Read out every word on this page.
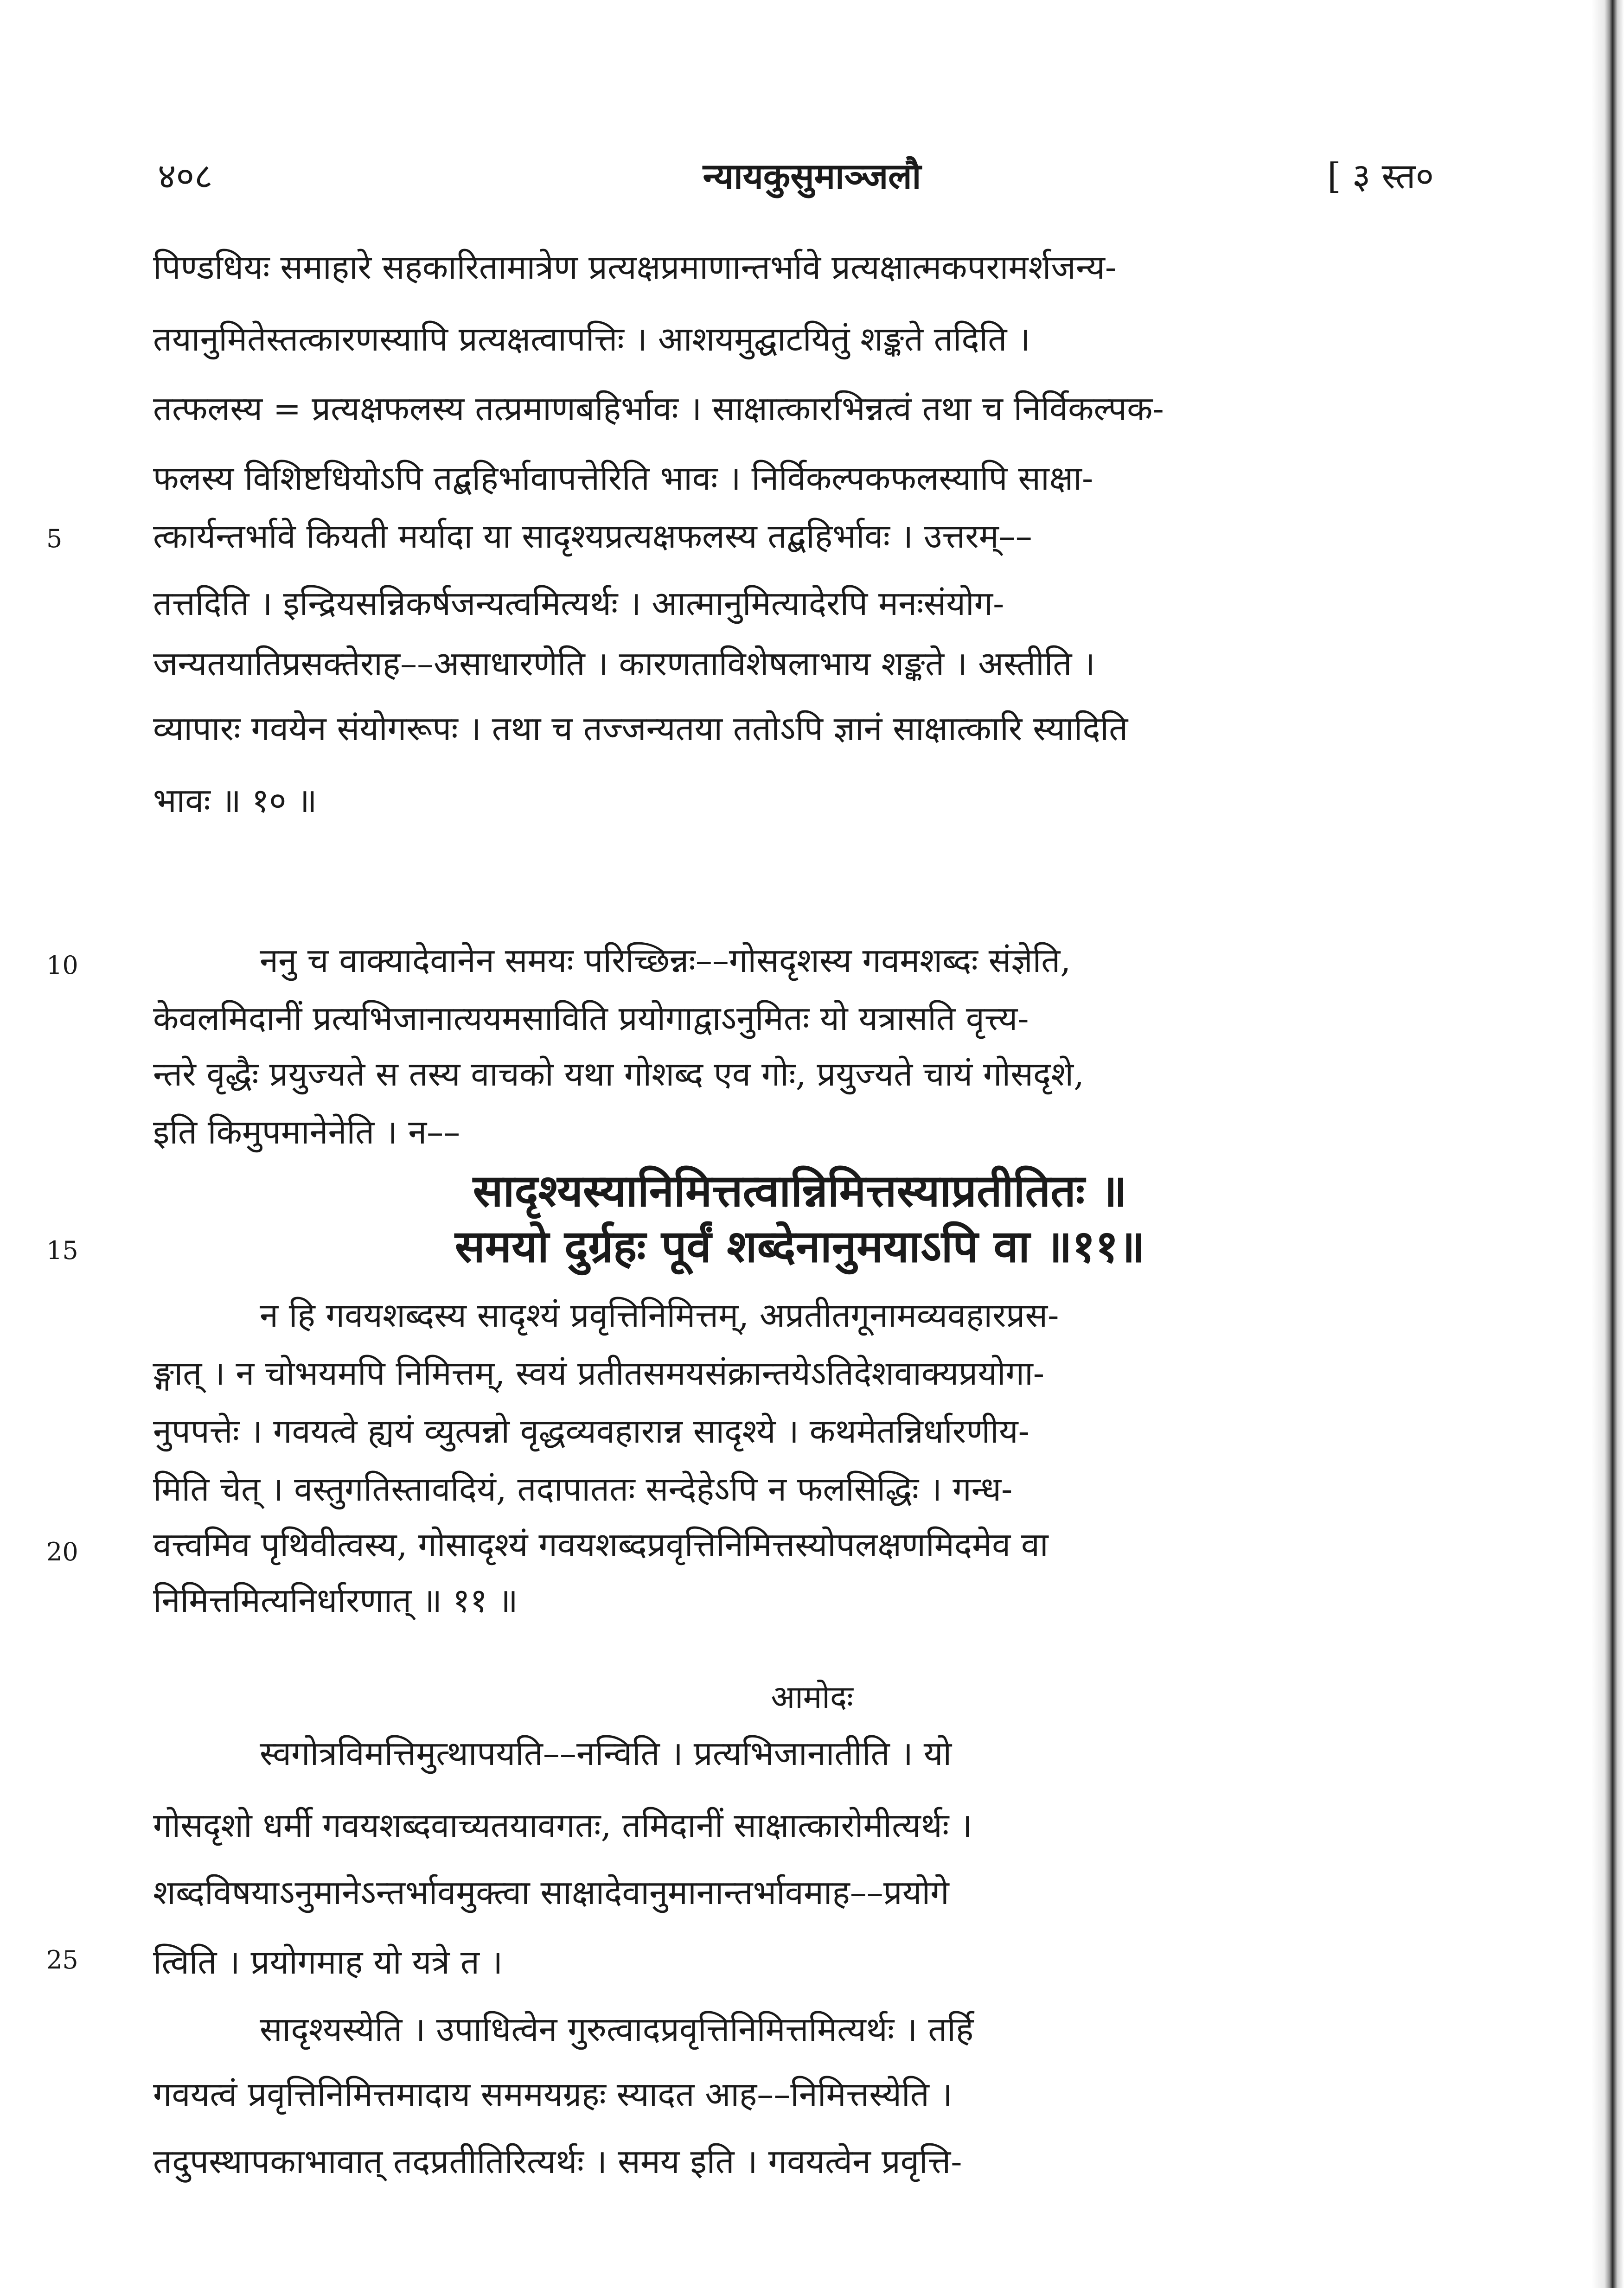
४०८	न्यायकुसुमाञ्जलौ	[ ३ स्त०
पिण्डधियः समाहारे सहकारितामात्रेण प्रत्यक्षप्रमाणान्तर्भावे प्रत्यक्षात्मकपरामर्शजन्य-
तयानुमितेस्तत्कारणस्यापि प्रत्यक्षत्वापत्तिः । आशयमुद्घाटयितुं शङ्कते तदिति ।
तत्फलस्य = प्रत्यक्षफलस्य तत्प्रमाणबहिर्भावः । साक्षात्कारभिन्नत्वं तथा च निर्विकल्पक-
फलस्य विशिष्टधियोऽपि तद्बहिर्भावापत्तेरिति भावः । निर्विकल्पकफलस्यापि साक्षा-
5	त्कार्यन्तर्भावे कियती मर्यादा या सादृश्यप्रत्यक्षफलस्य तद्बहिर्भावः । उत्तरम्––
तत्तदिति । इन्द्रियसन्निकर्षजन्यत्वमित्यर्थः । आत्मानुमित्यादेरपि मनःसंयोग-
जन्यतयातिप्रसक्तेराह––असाधारणेति । कारणताविशेषलाभाय शङ्कते । अस्तीति ।
व्यापारः गवयेन संयोगरूपः । तथा च तज्जन्यतया ततोऽपि ज्ञानं साक्षात्कारि स्यादिति
भावः ॥ १० ॥
10	ननु च वाक्यादेवानेन समयः परिच्छिन्नः––गोसदृशस्य गवमशब्दः संज्ञेति,
केवलमिदानीं प्रत्यभिजानात्ययमसाविति प्रयोगाद्वाऽनुमितः यो यत्रासति वृत्त्य-
न्तरे वृद्धैः प्रयुज्यते स तस्य वाचको यथा गोशब्द एव गोः, प्रयुज्यते चायं गोसदृशे,
इति किमुपमानेनेति । न––
सादृश्यस्यानिमित्तत्वान्निमित्तस्याप्रतीतितः ॥
15	समयो दुर्ग्रहः पूर्वं शब्देनानुमयाऽपि वा ॥११॥
न हि गवयशब्दस्य सादृश्यं प्रवृत्तिनिमित्तम्, अप्रतीतगूनामव्यवहारप्रस-
ङ्गात् । न चोभयमपि निमित्तम्, स्वयं प्रतीतसमयसंक्रान्तयेऽतिदेशवाक्यप्रयोगा-
नुपपत्तेः । गवयत्वे ह्ययं व्युत्पन्नो वृद्धव्यवहारान्न सादृश्ये । कथमेतन्निर्धारणीय-
मिति चेत् । वस्तुगतिस्तावदियं, तदापाततः सन्देहेऽपि न फलसिद्धिः । गन्ध-
20 वत्त्वमिव पृथिवीत्वस्य, गोसादृश्यं गवयशब्दप्रवृत्तिनिमित्तस्योपलक्षणमिदमेव वा
निमित्तमित्यनिर्धारणात् ॥ ११ ॥
आमोदः
स्वगोत्रविमत्तिमुत्थापयति––नन्विति । प्रत्यभिजानातीति । यो
गोसदृशो धर्मी गवयशब्दवाच्यतयावगतः, तमिदानीं साक्षात्कारोमीत्यर्थः ।
शब्दविषयाऽनुमानेऽन्तर्भावमुक्त्वा साक्षादेवानुमानान्तर्भावमाह––प्रयोगे
25 त्विति । प्रयोगमाह यो यत्रे त ।
सादृश्यस्येति । उपाधित्वेन गुरुत्वादप्रवृत्तिनिमित्तमित्यर्थः । तर्हि
गवयत्वं प्रवृत्तिनिमित्तमादाय सममयग्रहः स्यादत आह––निमित्तस्येति ।
तदुपस्थापकाभावात् तदप्रतीतिरित्यर्थः । समय इति । गवयत्वेन प्रवृत्ति-
